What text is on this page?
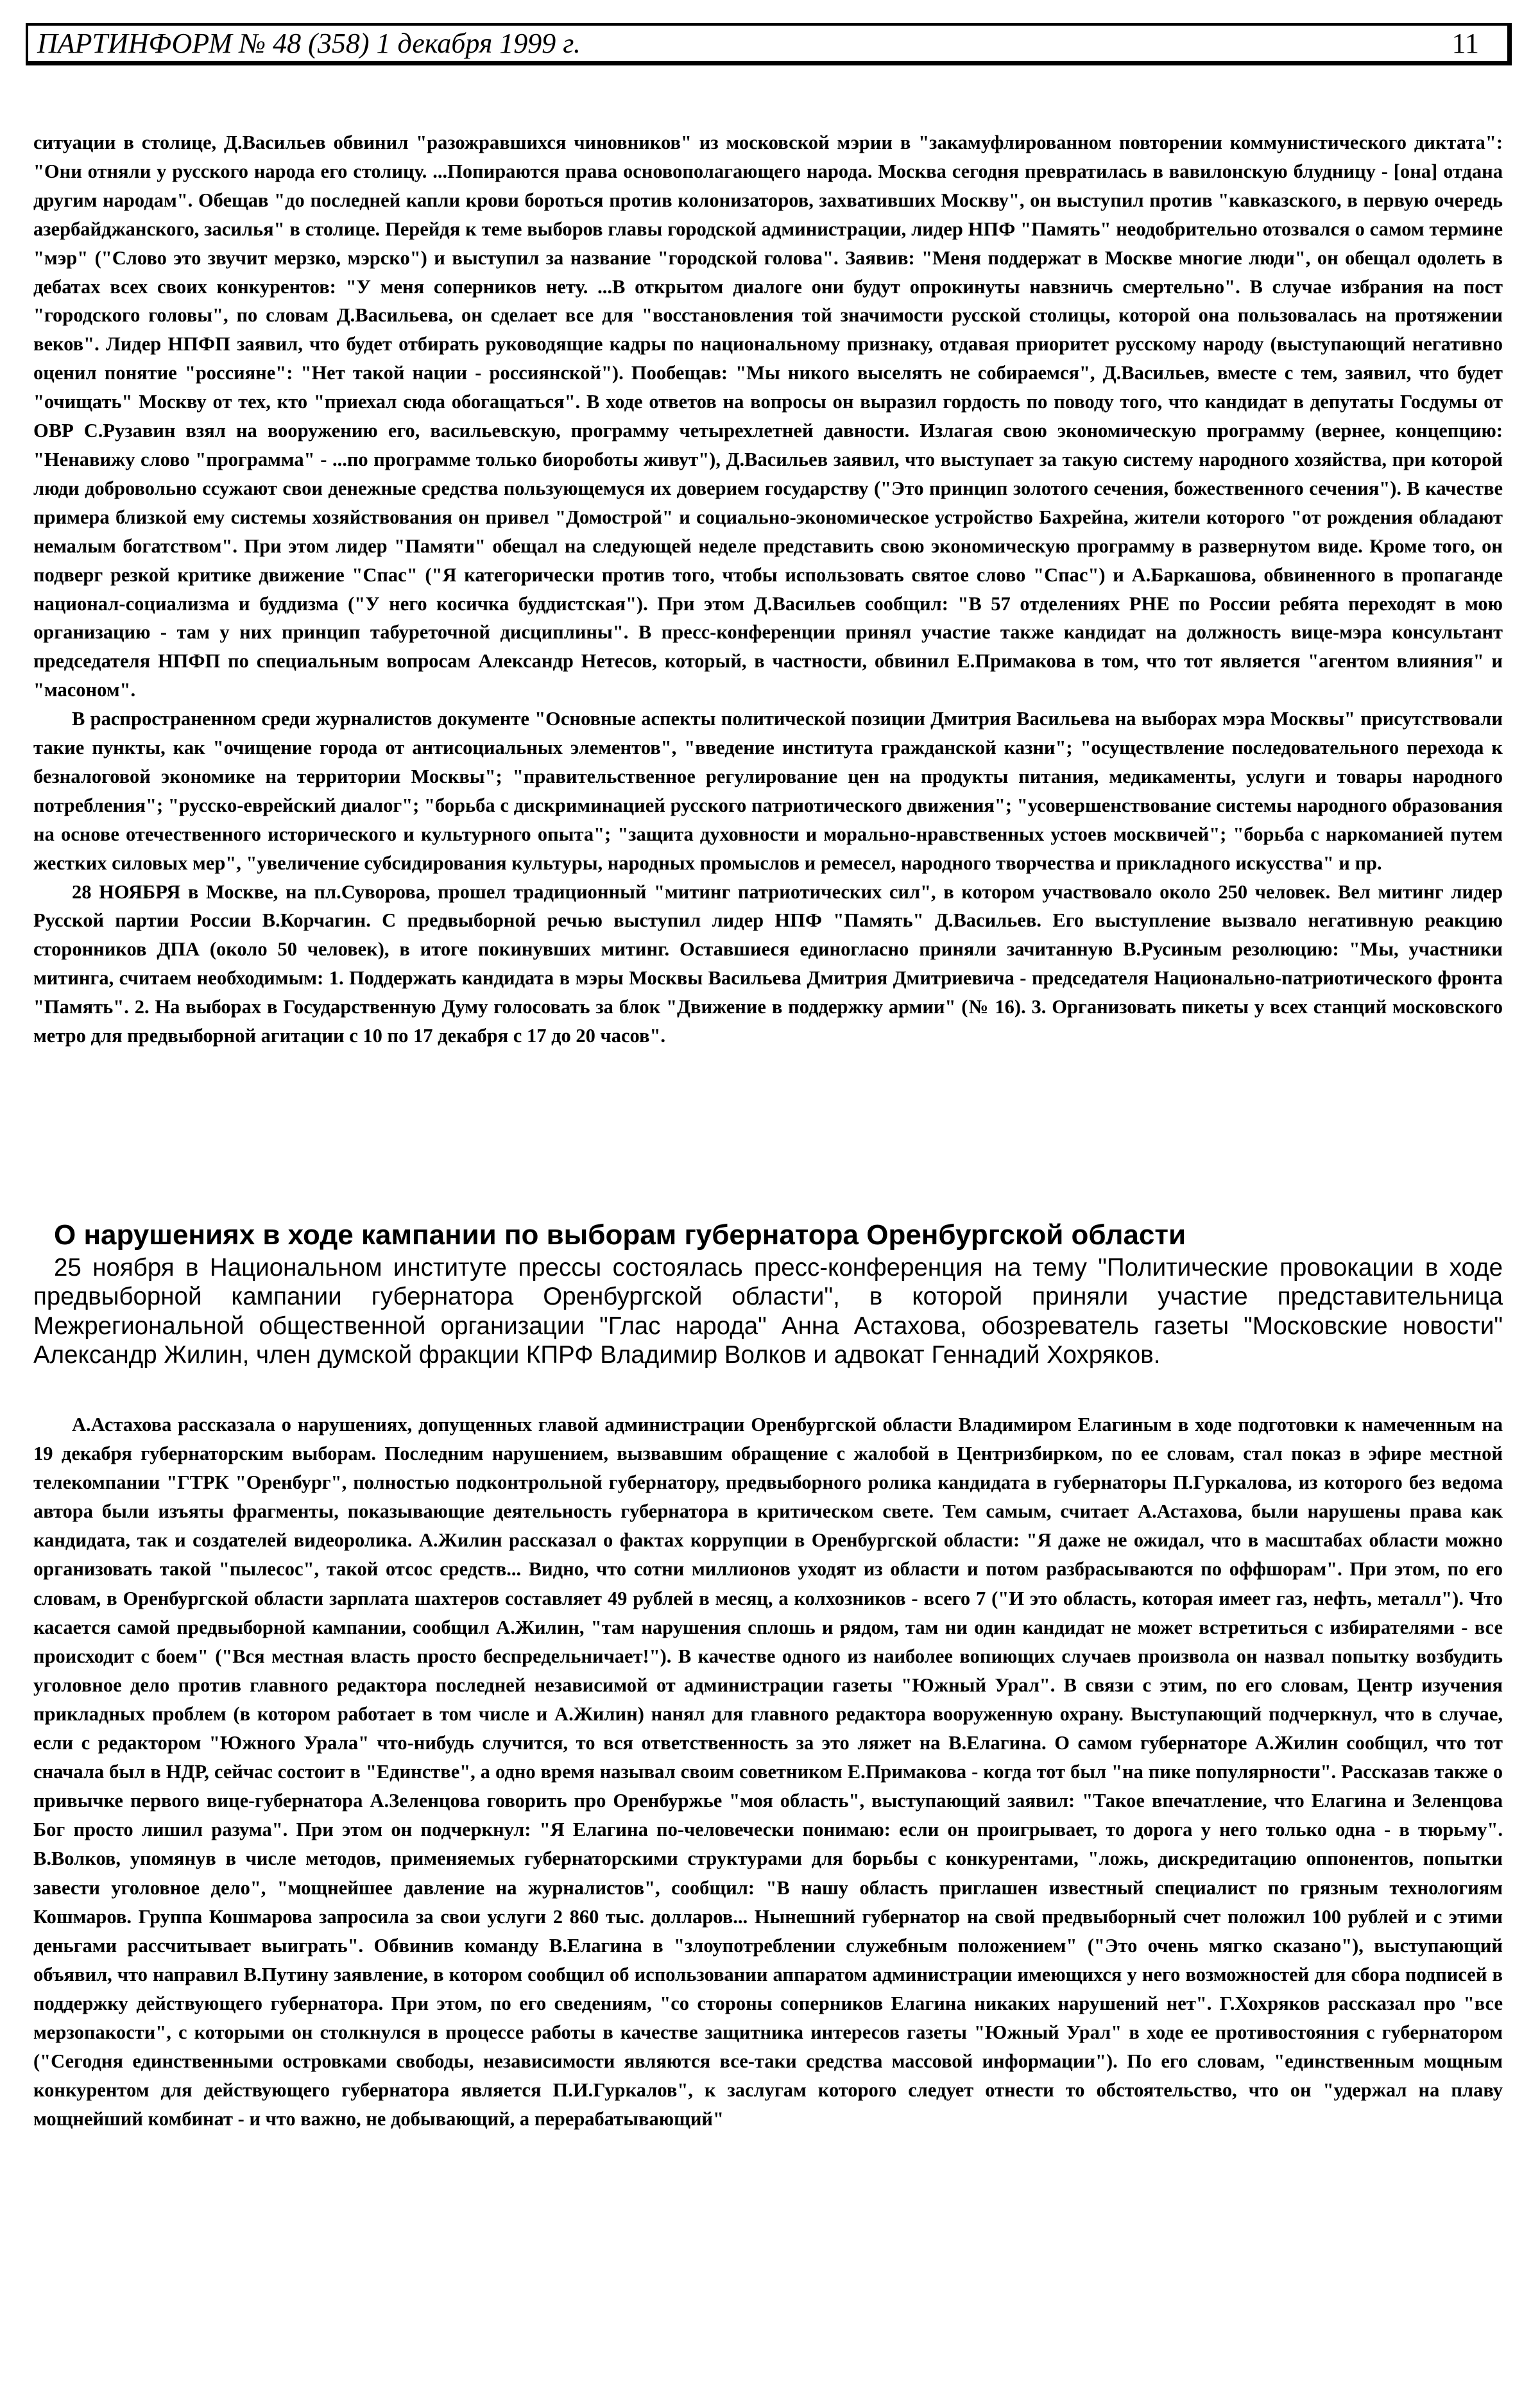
ПАРТИНФОРМ № 48 (358) 1 декабря 1999 г.	11

ситуации в столице, Д.Васильев обвинил "разожравшихся чиновников" из московской мэрии в "закамуфлированном повторении коммунистического диктата": "Они отняли у русского народа его столицу. ...Попираются права основополагающего народа. Москва сегодня превратилась в вавилонскую блудницу - [она] отдана другим народам". Обещав "до последней капли крови бороться против колонизаторов, захвативших Москву", он выступил против "кавказского, в первую очередь азербайджанского, засилья" в столице. Перейдя к теме выборов главы городской администрации, лидер НПФ "Память" неодобрительно отозвался о самом термине "мэр" ("Слово это звучит мерзко, мэрско") и выступил за название "городской голова". Заявив: "Меня поддержат в Москве многие люди", он обещал одолеть в дебатах всех своих конкурентов: "У меня соперников нету. ...В открытом диалоге они будут опрокинуты навзничь смертельно". В случае избрания на пост "городского головы", по словам Д.Васильева, он сделает все для "восстановления той значимости русской столицы, которой она пользовалась на протяжении веков". Лидер НПФП заявил, что будет отбирать руководящие кадры по национальному признаку, отдавая приоритет русскому народу (выступающий негативно оценил понятие "россияне": "Нет такой нации - россиянской"). Пообещав: "Мы никого выселять не собираемся", Д.Васильев, вместе с тем, заявил, что будет "очищать" Москву от тех, кто "приехал сюда обогащаться". В ходе ответов на вопросы он выразил гордость по поводу того, что кандидат в депутаты Госдумы от ОВР С.Рузавин взял на вооружению его, васильевскую, программу четырехлетней давности. Излагая свою экономическую программу (вернее, концепцию: "Ненавижу слово "программа" - ...по программе только биороботы живут"), Д.Васильев заявил, что выступает за такую систему народного хозяйства, при которой люди добровольно ссужают свои денежные средства пользующемуся их доверием государству ("Это принцип золотого сечения, божественного сечения"). В качестве примера близкой ему системы хозяйствования он привел "Домострой" и социально-экономическое устройство Бахрейна, жители которого "от рождения обладают немалым богатством". При этом лидер "Памяти" обещал на следующей неделе представить свою экономическую программу в развернутом виде. Кроме того, он подверг резкой критике движение "Спас" ("Я категорически против того, чтобы использовать святое слово "Спас") и А.Баркашова, обвиненного в пропаганде национал-социализма и буддизма ("У него косичка буддистская"). При этом Д.Васильев сообщил: "В 57 отделениях РНЕ по России ребята переходят в мою организацию - там у них принцип табуреточной дисциплины". В пресс-конференции принял участие также кандидат на должность вице-мэра консультант председателя НПФП по специальным вопросам Александр Нетесов, который, в частности, обвинил Е.Примакова в том, что тот является "агентом влияния" и "масоном".

В распространенном среди журналистов документе "Основные аспекты политической позиции Дмитрия Васильева на выборах мэра Москвы" присутствовали такие пункты, как "очищение города от антисоциальных элементов", "введение института гражданской казни"; "осуществление последовательного перехода к безналоговой экономике на территории Москвы"; "правительственное регулирование цен на продукты питания, медикаменты, услуги и товары народного потребления"; "русско-еврейский диалог"; "борьба с дискриминацией русского патриотического движения"; "усовершенствование системы народного образования на основе отечественного исторического и культурного опыта"; "защита духовности и морально-нравственных устоев москвичей"; "борьба с наркоманией путем жестких силовых мер", "увеличение субсидирования культуры, народных промыслов и ремесел, народного творчества и прикладного искусства" и пр.

28 НОЯБРЯ в Москве, на пл.Суворова, прошел традиционный "митинг патриотических сил", в котором участвовало около 250 человек. Вел митинг лидер Русской партии России В.Корчагин. С предвыборной речью выступил лидер НПФ "Память" Д.Васильев. Его выступление вызвало негативную реакцию сторонников ДПА (около 50 человек), в итоге покинувших митинг. Оставшиеся единогласно приняли зачитанную В.Русиным резолюцию: "Мы, участники митинга, считаем необходимым: 1. Поддержать кандидата в мэры Москвы Васильева Дмитрия Дмитриевича - председателя Национально-патриотического фронта "Память". 2. На выборах в Государственную Думу голосовать за блок "Движение в поддержку армии" (№ 16). 3. Организовать пикеты у всех станций московского метро для предвыборной агитации с 10 по 17 декабря с 17 до 20 часов".

О нарушениях в ходе кампании по выборам губернатора Оренбургской области
25 ноября в Национальном институте прессы состоялась пресс-конференция на тему "Политические провокации в ходе предвыборной кампании губернатора Оренбургской области", в которой приняли участие представительница Межрегиональной общественной организации "Глас народа" Анна Астахова, обозреватель газеты "Московские новости" Александр Жилин, член думской фракции КПРФ Владимир Волков и адвокат Геннадий Хохряков.
А.Астахова рассказала о нарушениях, допущенных главой администрации Оренбургской области Владимиром Елагиным в ходе подготовки к намеченным на 19 декабря губернаторским выборам. Последним нарушением, вызвавшим обращение с жалобой в Центризбирком, по ее словам, стал показ в эфире местной телекомпании "ГТРК "Оренбург", полностью подконтрольной губернатору, предвыборного ролика кандидата в губернаторы П.Гуркалова, из которого без ведома автора были изъяты фрагменты, показывающие деятельность губернатора в критическом свете. Тем самым, считает А.Астахова, были нарушены права как кандидата, так и создателей видеоролика. А.Жилин рассказал о фактах коррупции в Оренбургской области: "Я даже не ожидал, что в масштабах области можно организовать такой "пылесос", такой отсос средств... Видно, что сотни миллионов уходят из области и потом разбрасываются по оффшорам". При этом, по его словам, в Оренбургской области зарплата шахтеров составляет 49 рублей в месяц, а колхозников - всего 7 ("И это область, которая имеет газ, нефть, металл"). Что касается самой предвыборной кампании, сообщил А.Жилин, "там нарушения сплошь и рядом, там ни один кандидат не может встретиться с избирателями - все происходит с боем" ("Вся местная власть просто беспредельничает!"). В качестве одного из наиболее вопиющих случаев произвола он назвал попытку возбудить уголовное дело против главного редактора последней независимой от администрации газеты "Южный Урал". В связи с этим, по его словам, Центр изучения прикладных проблем (в котором работает в том числе и А.Жилин) нанял для главного редактора вооруженную охрану. Выступающий подчеркнул, что в случае, если с редактором "Южного Урала" что-нибудь случится, то вся ответственность за это ляжет на В.Елагина. О самом губернаторе А.Жилин сообщил, что тот сначала был в НДР, сейчас состоит в "Единстве", а одно время называл своим советником Е.Примакова - когда тот был "на пике популярности". Рассказав также о привычке первого вице-губернатора А.Зеленцова говорить про Оренбуржье "моя область", выступающий заявил: "Такое впечатление, что Елагина и Зеленцова Бог просто лишил разума". При этом он подчеркнул: "Я Елагина по-человечески понимаю: если он проигрывает, то дорога у него только одна - в тюрьму". В.Волков, упомянув в числе методов, применяемых губернаторскими структурами для борьбы с конкурентами, "ложь, дискредитацию оппонентов, попытки завести уголовное дело", "мощнейшее давление на журналистов", сообщил: "В нашу область приглашен известный специалист по грязным технологиям Кошмаров. Группа Кошмарова запросила за свои услуги 2 860 тыс. долларов... Нынешний губернатор на свой предвыборный счет положил 100 рублей и с этими деньгами рассчитывает выиграть". Обвинив команду В.Елагина в "злоупотреблении служебным положением" ("Это очень мягко сказано"), выступающий объявил, что направил В.Путину заявление, в котором сообщил об использовании аппаратом администрации имеющихся у него возможностей для сбора подписей в поддержку действующего губернатора. При этом, по его сведениям, "со стороны соперников Елагина никаких нарушений нет". Г.Хохряков рассказал про "все мерзопакости", с которыми он столкнулся в процессе работы в качестве защитника интересов газеты "Южный Урал" в ходе ее противостояния с губернатором ("Сегодня единственными островками свободы, независимости являются все-таки средства массовой информации"). По его словам, "единственным мощным конкурентом для действующего губернатора является П.И.Гуркалов", к заслугам которого следует отнести то обстоятельство, что он "удержал на плаву мощнейший комбинат - и что важно, не добывающий, а перерабатывающий"
